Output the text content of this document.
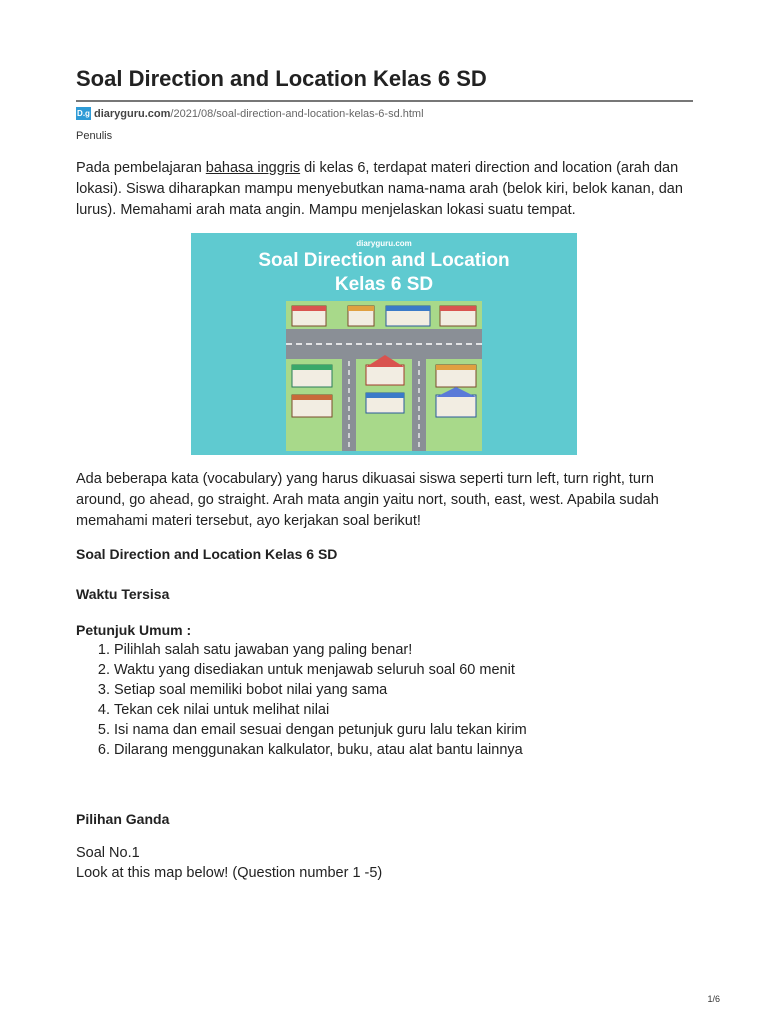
Soal Direction and Location Kelas 6 SD
D.g diaryguru.com /2021/08/soal-direction-and-location-kelas-6-sd.html
Penulis

Pada pembelajaran bahasa inggris di kelas 6, terdapat materi direction and location (arah dan lokasi). Siswa diharapkan mampu menyebutkan nama-nama arah (belok kiri, belok kanan, dan lurus). Memahami arah mata angin. Mampu menjelaskan lokasi suatu tempat.

diaryguru.com
Soal Direction and Location
Kelas 6 SD

Ada beberapa kata (vocabulary) yang harus dikuasai siswa seperti turn left, turn right, turn around, go ahead, go straight. Arah mata angin yaitu nort, south, east, west. Apabila sudah memahami materi tersebut, ayo kerjakan soal berikut!

Soal Direction and Location Kelas 6 SD
Waktu Tersisa
Petunjuk Umum :
1. Pilihlah salah satu jawaban yang paling benar!
2. Waktu yang disediakan untuk menjawab seluruh soal 60 menit
3. Setiap soal memiliki bobot nilai yang sama
4. Tekan cek nilai untuk melihat nilai
5. Isi nama dan email sesuai dengan petunjuk guru lalu tekan kirim
6. Dilarang menggunakan kalkulator, buku, atau alat bantu lainnya
Pilihan Ganda
Soal No.1
Look at this map below! (Question number 1 -5)
1/6
